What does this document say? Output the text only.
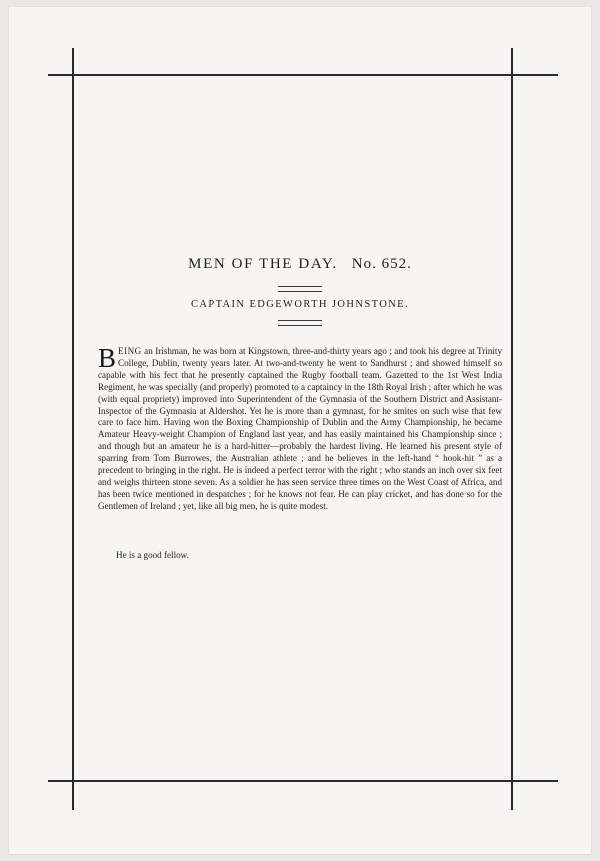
MEN OF THE DAY. No. 652.
CAPTAIN EDGEWORTH JOHNSTONE.

BEING an Irishman, he was born at Kingstown, three-and-thirty years ago ; and took his degree at Trinity College, Dublin, twenty years later. At two-and-twenty he went to Sandhurst ; and showed himself so capable with his fect that he presently captained the Rugby football team. Gazetted to the 1st West India Regiment, he was specially (and properly) promoted to a captaincy in the 18th Royal Irish ; after which he was (with equal propriety) improved into Superintendent of the Gymnasia of the Southern District and Assistant-Inspector of the Gymnasia at Aldershot. Yet he is more than a gymnast, for he smites on such wise that few care to face him. Having won the Boxing Championship of Dublin and the Army Championship, he became Amateur Heavy-weight Champion of England last year, and has easily maintained his Championship since ; and though but an amateur he is a hard-hitter—probably the hardest living. He learned his present style of sparring from Tom Burrowes, the Australian athlete ; and he believes in the left-hand “ hook-hit ” as a precedent to bringing in the right. He is indeed a perfect terror with the right ; who stands an inch over six feet and weighs thirteen stone seven. As a soldier he has seen service three times on the West Coast of Africa, and has been twice mentioned in despatches ; for he knows not fear. He can play cricket, and has done so for the Gentlemen of Ireland ; yet, like all big men, he is quite modest.

He is a good fellow.
